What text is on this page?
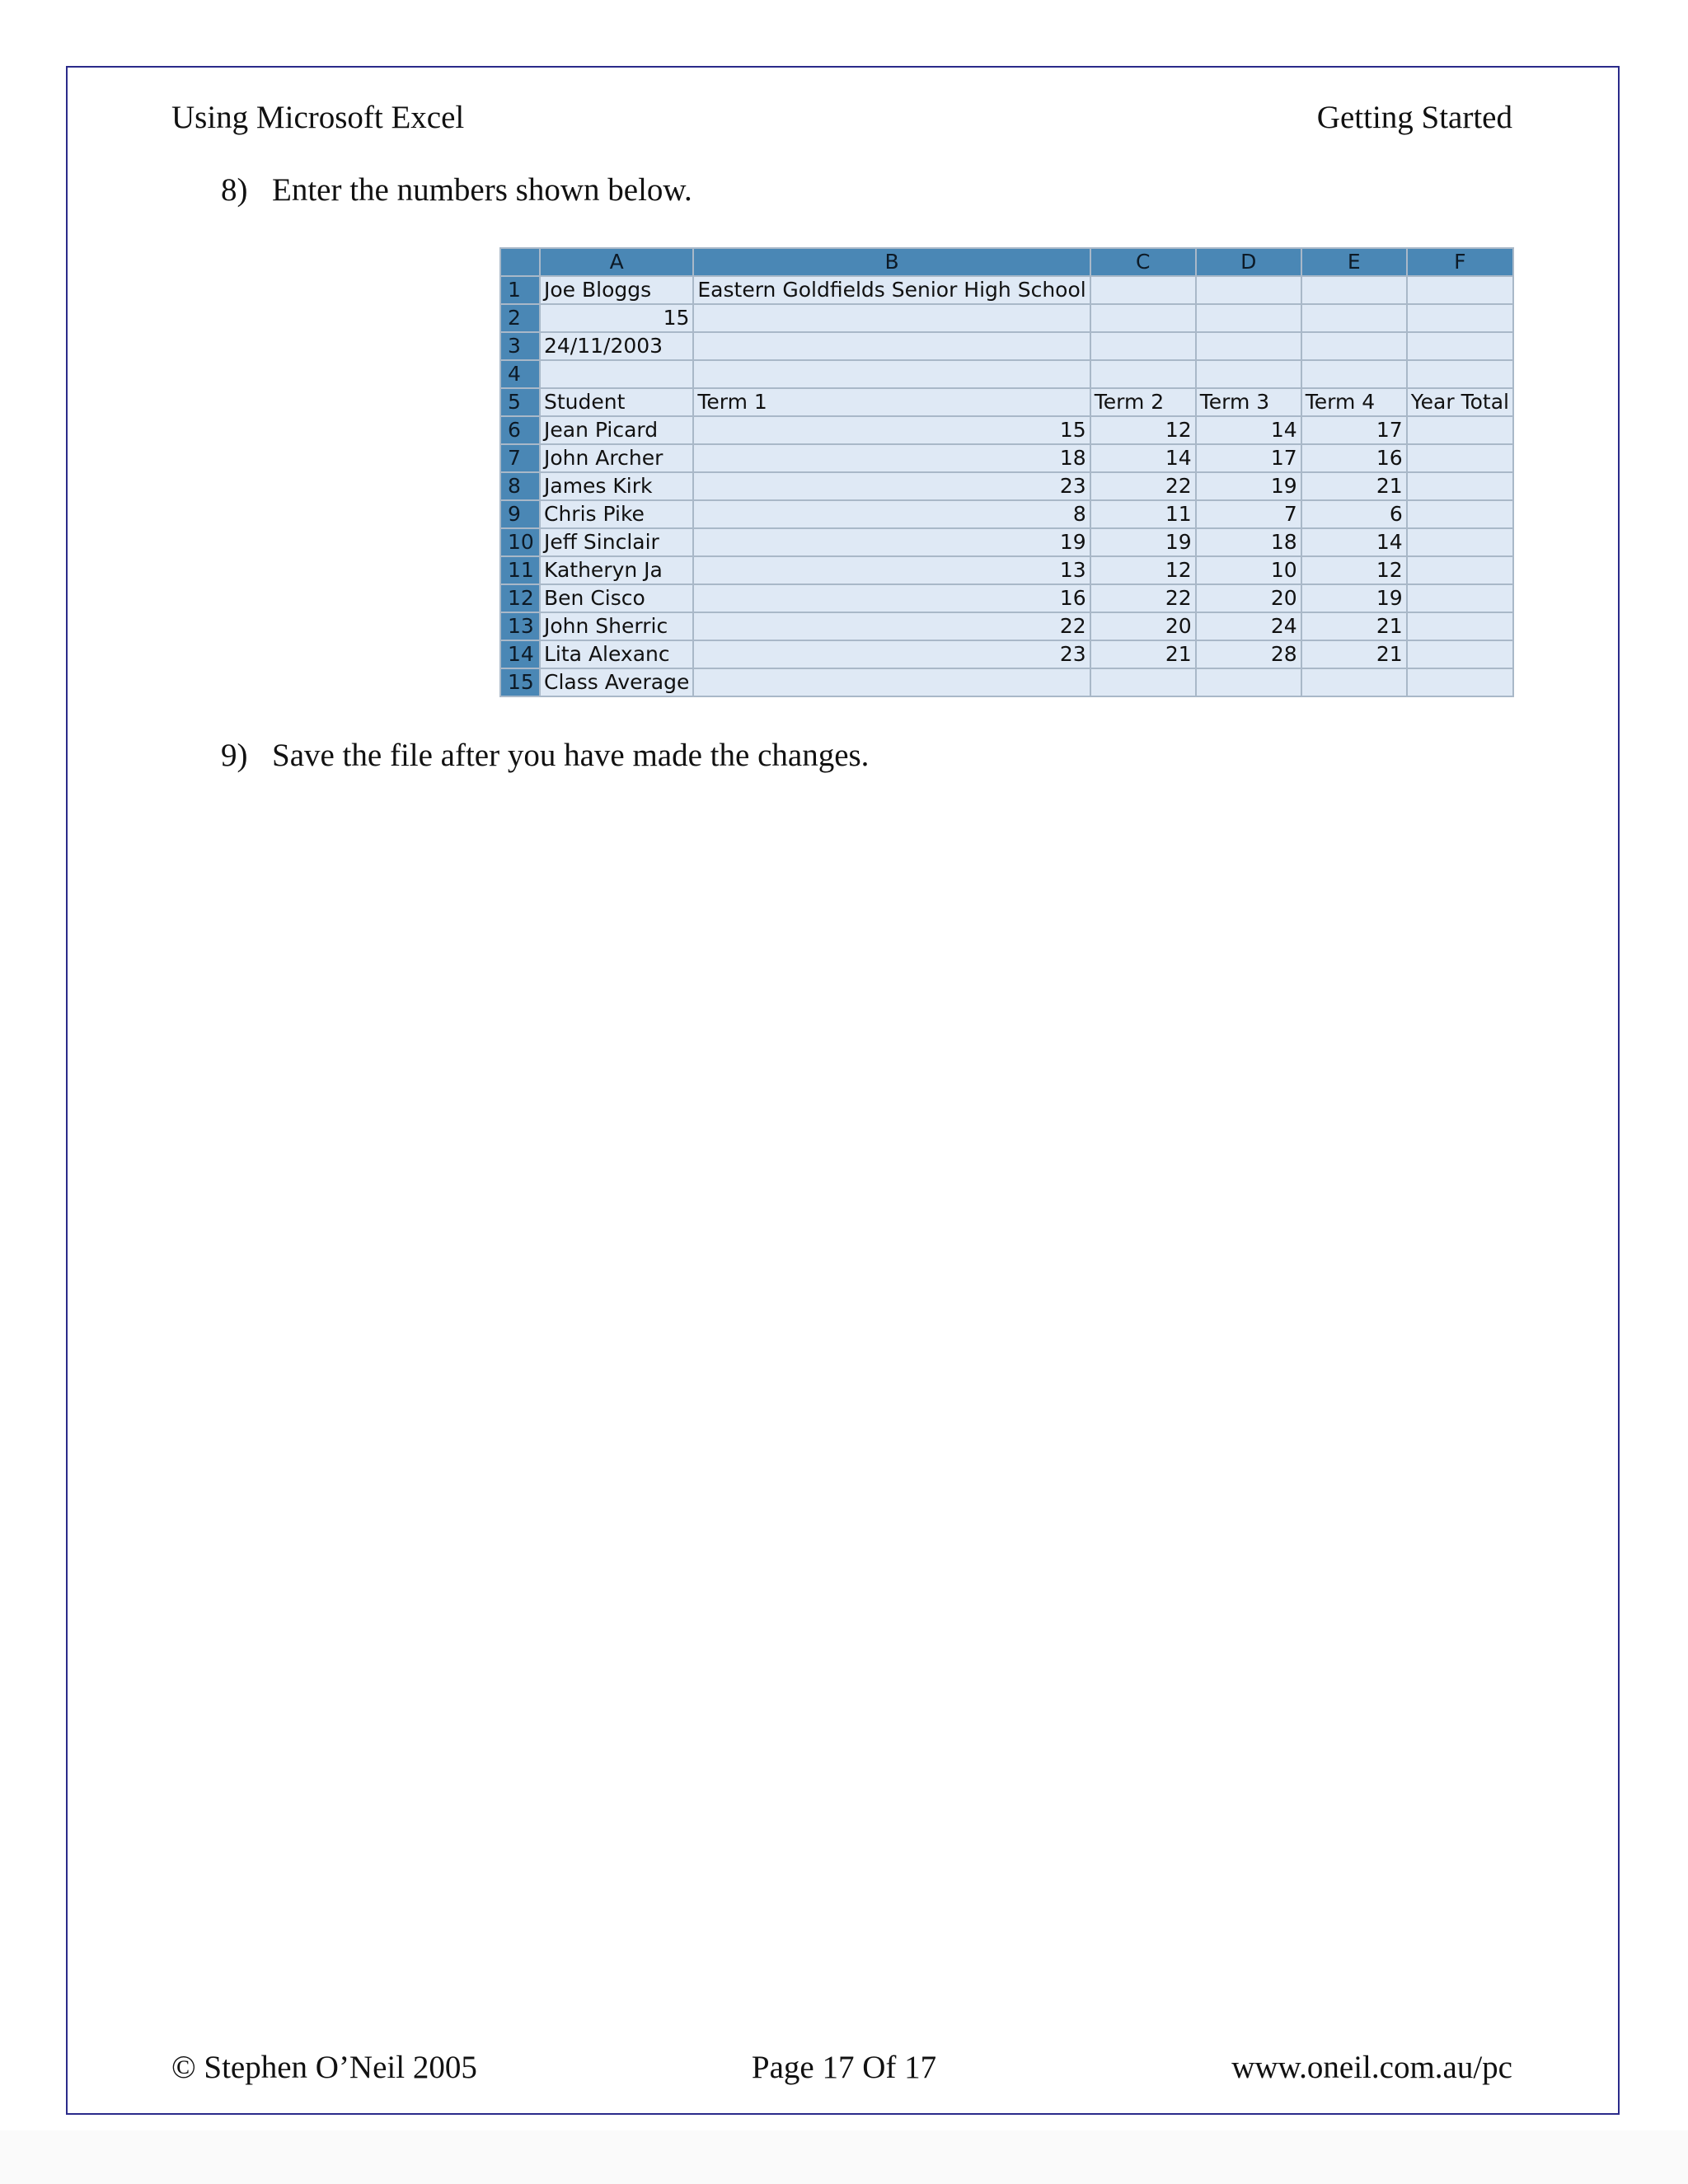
Using Microsoft Excel	Getting Started
8) Enter the numbers shown below.
	A	B	C	D	E	F
1	Joe Bloggs	Eastern Goldfields Senior High School				
2	15					
3	24/11/2003					
4						
5	Student	Term 1	Term 2	Term 3	Term 4	Year Total
6	Jean Picard	15	12	14	17	
7	John Archer	18	14	17	16	
8	James Kirk	23	22	19	21	
9	Chris Pike	8	11	7	6	
10	Jeff Sinclair	19	19	18	14	
11	Katheryn Ja	13	12	10	12	
12	Ben Cisco	16	22	20	19	
13	John Sherric	22	20	24	21	
14	Lita Alexanc	23	21	28	21	
15	Class Average					
9) Save the file after you have made the changes.
© Stephen O’Neil 2005	Page 17 Of 17	www.oneil.com.au/pc
